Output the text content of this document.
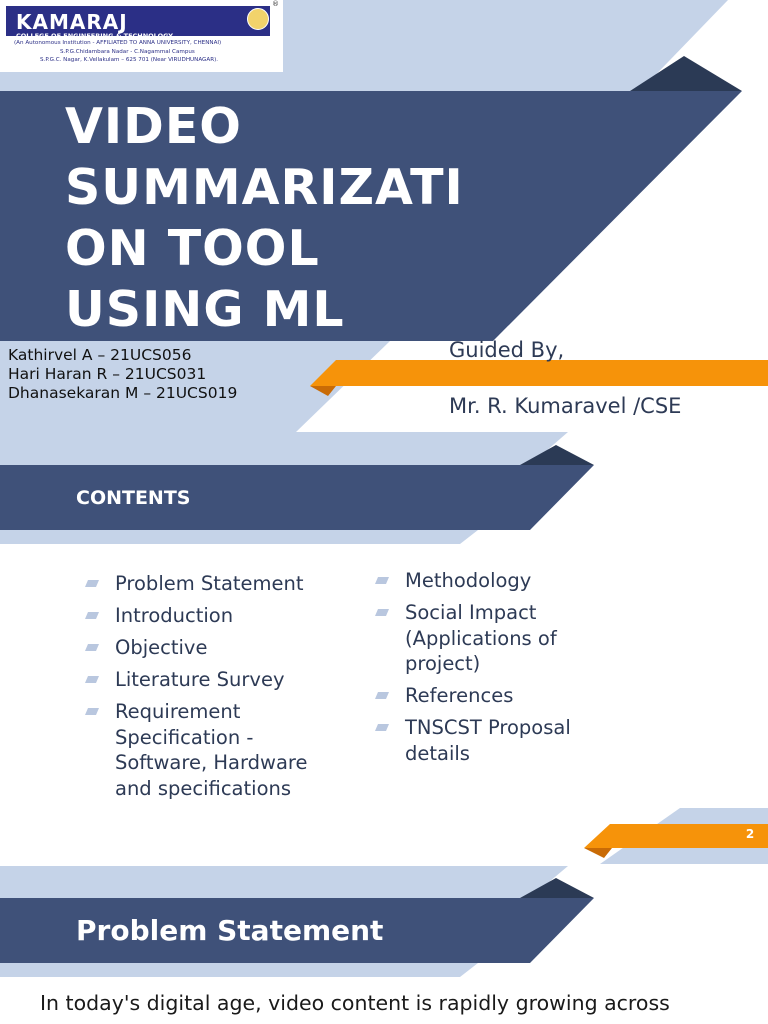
KAMARAJ
COLLEGE OF ENGINEERING & TECHNOLOGY
®
(An Autonomous Institution - AFFILIATED TO ANNA UNIVERSITY, CHENNAI)
S.P.G.Chidambara Nadar - C.Nagammal Campus
S.P.G.C. Nagar, K.Vellakulam – 625 701 (Near VIRUDHUNAGAR).
VIDEO
SUMMARIZATI
ON TOOL
USING ML
Kathirvel A – 21UCS056
Hari Haran R – 21UCS031
Dhanasekaran M – 21UCS019
Guided By,
Mr. R. Kumaravel /CSE
CONTENTS
Problem Statement
Introduction
Objective
Literature Survey
Requirement Specification - Software, Hardware and specifications
Methodology
Social Impact (Applications of project)
References
TNSCST Proposal details
2
Problem Statement
In today's digital age, video content is rapidly growing across
